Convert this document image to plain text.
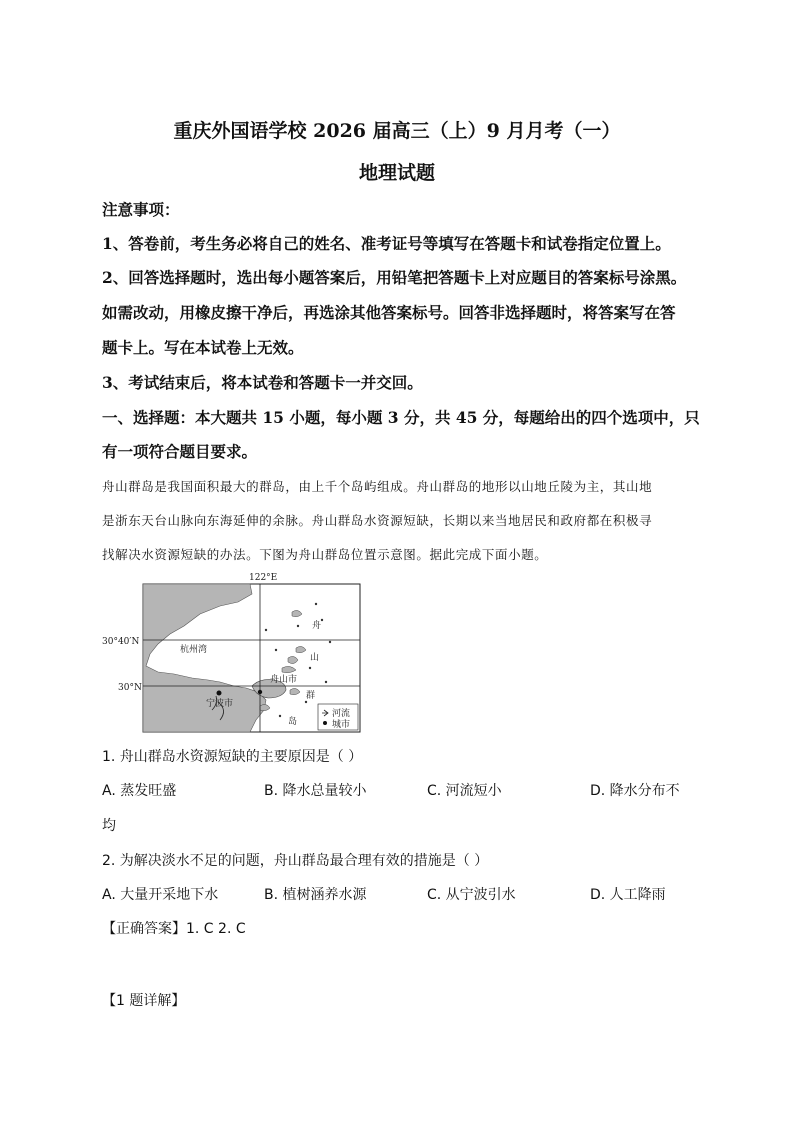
重庆外国语学校 2026 届高三（上）9 月月考（一）
地理试题
注意事项：
1、答卷前，考生务必将自己的姓名、准考证号等填写在答题卡和试卷指定位置上。
2、回答选择题时，选出每小题答案后，用铅笔把答题卡上对应题目的答案标号涂黑。
如需改动，用橡皮擦干净后，再选涂其他答案标号。回答非选择题时，将答案写在答
题卡上。写在本试卷上无效。
3、考试结束后，将本试卷和答题卡一并交回。
一、选择题：本大题共 15 小题，每小题 3 分，共 45 分，每题给出的四个选项中，只
有一项符合题目要求。
舟山群岛是我国面积最大的群岛，由上千个岛屿组成。舟山群岛的地形以山地丘陵为主，其山地
是浙东天台山脉向东海延伸的余脉。舟山群岛水资源短缺，长期以来当地居民和政府都在积极寻
找解决水资源短缺的办法。下图为舟山群岛位置示意图。据此完成下面小题。
122°E
30°40′N
30°N
杭州湾
宁波市
舟山市
舟
山
群
岛
河流
城市
1. 舟山群岛水资源短缺的主要原因是（ ）
A. 蒸发旺盛	B. 降水总量较小	C. 河流短小	D. 降水分布不
均
2. 为解决淡水不足的问题，舟山群岛最合理有效的措施是（ ）
A. 大量开采地下水	B. 植树涵养水源	C. 从宁波引水	D. 人工降雨
【正确答案】1. C 2. C
【1 题详解】
